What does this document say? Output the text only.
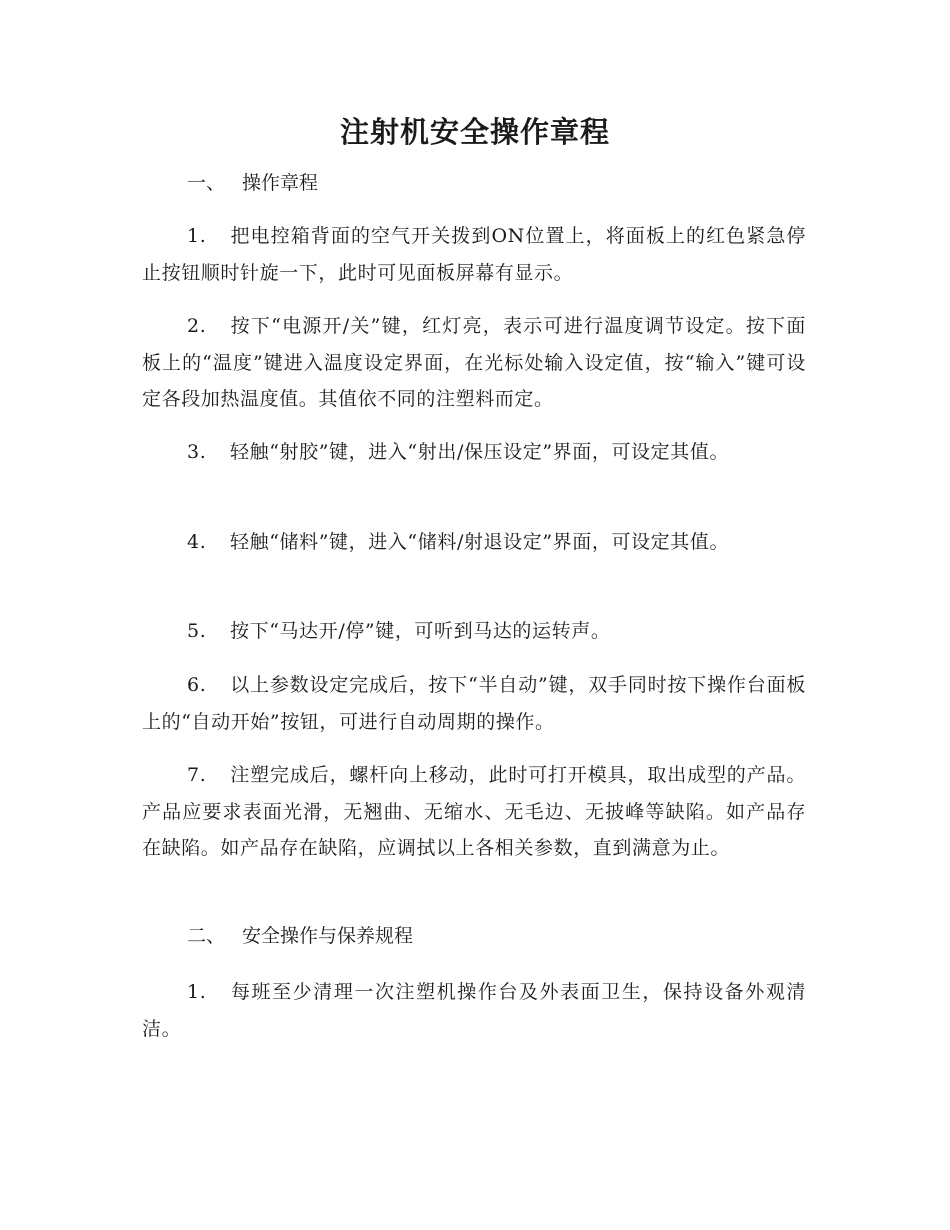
注射机安全操作章程
一、 操作章程

1. 把电控箱背面的空气开关拨到ON位置上，将面板上的红色紧急停止按钮顺时针旋一下，此时可见面板屏幕有显示。

2. 按下“电源开/关”键，红灯亮，表示可进行温度调节设定。按下面板上的“温度”键进入温度设定界面，在光标处输入设定值，按“输入”键可设定各段加热温度值。其值依不同的注塑料而定。

3. 轻触“射胶”键，进入“射出/保压设定”界面，可设定其值。

4. 轻触“储料”键，进入“储料/射退设定”界面，可设定其值。

5. 按下“马达开/停”键，可听到马达的运转声。

6. 以上参数设定完成后，按下“半自动”键，双手同时按下操作台面板上的“自动开始”按钮，可进行自动周期的操作。

7. 注塑完成后，螺杆向上移动，此时可打开模具，取出成型的产品。产品应要求表面光滑，无翘曲、无缩水、无毛边、无披峰等缺陷。如产品存在缺陷。如产品存在缺陷，应调拭以上各相关参数，直到满意为止。

二、 安全操作与保养规程

1. 每班至少清理一次注塑机操作台及外表面卫生，保持设备外观清洁。
